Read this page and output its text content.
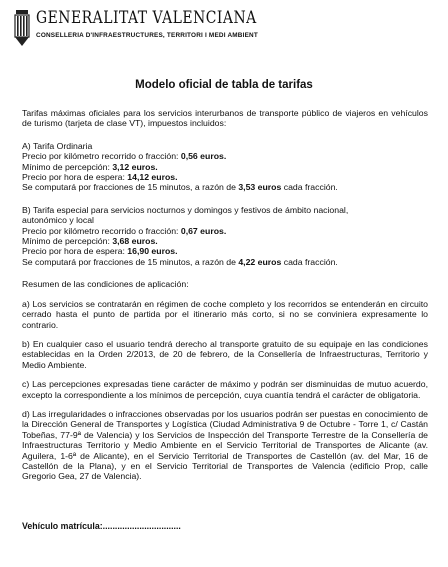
GENERALITAT VALENCIANA
CONSELLERIA D'INFRAESTRUCTURES, TERRITORI I MEDI AMBIENT
Modelo oficial de tabla de tarifas

Tarifas máximas oficiales para los servicios interurbanos de transporte público de viajeros en vehículos de turismo (tarjeta de clase VT), impuestos incluidos:

A) Tarifa Ordinaria

Precio por kilómetro recorrido o fracción: 0,56 euros.

Mínimo de percepción: 3,12 euros.

Precio por hora de espera: 14,12 euros.

Se computará por fracciones de 15 minutos, a razón de 3,53 euros cada fracción.

B) Tarifa especial para servicios nocturnos y domingos y festivos de ámbito nacional,

autonómico y local

Precio por kilómetro recorrido o fracción: 0,67 euros.

Mínimo de percepción: 3,68 euros.

Precio por hora de espera: 16,90 euros.

Se computará por fracciones de 15 minutos, a razón de 4,22 euros cada fracción.

Resumen de las condiciones de aplicación:

a) Los servicios se contratarán en régimen de coche completo y los recorridos se entenderán en circuito cerrado hasta el punto de partida por el itinerario más corto, si no se conviniera expresamente lo contrario.

b) En cualquier caso el usuario tendrá derecho al transporte gratuito de su equipaje en las condiciones establecidas en la Orden 2/2013, de 20 de febrero, de la Consellería de Infraestructuras, Territorio y Medio Ambiente.

c) Las percepciones expresadas tiene carácter de máximo y podrán ser disminuidas de mutuo acuerdo, excepto la correspondiente a los mínimos de percepción, cuya cuantía tendrá el carácter de obligatoria.

d) Las irregularidades o infracciones observadas por los usuarios podrán ser puestas en conocimiento de la Dirección General de Transportes y Logística (Ciudad Administrativa 9 de Octubre - Torre 1, c/ Castán Tobeñas, 77-9ª de Valencia) y los Servicios de Inspección del Transporte Terrestre de la Consellería de Infraestructuras Territorio y Medio Ambiente en el Servicio Territorial de Transportes de Alicante (av. Aguilera, 1-6ª de Alicante), en el Servicio Territorial de Transportes de Castellón (av. del Mar, 16 de Castellón de la Plana), y en el Servicio Territorial de Transportes de Valencia (edificio Prop, calle Gregorio Gea, 27 de Valencia).

Vehículo matrícula:................................
